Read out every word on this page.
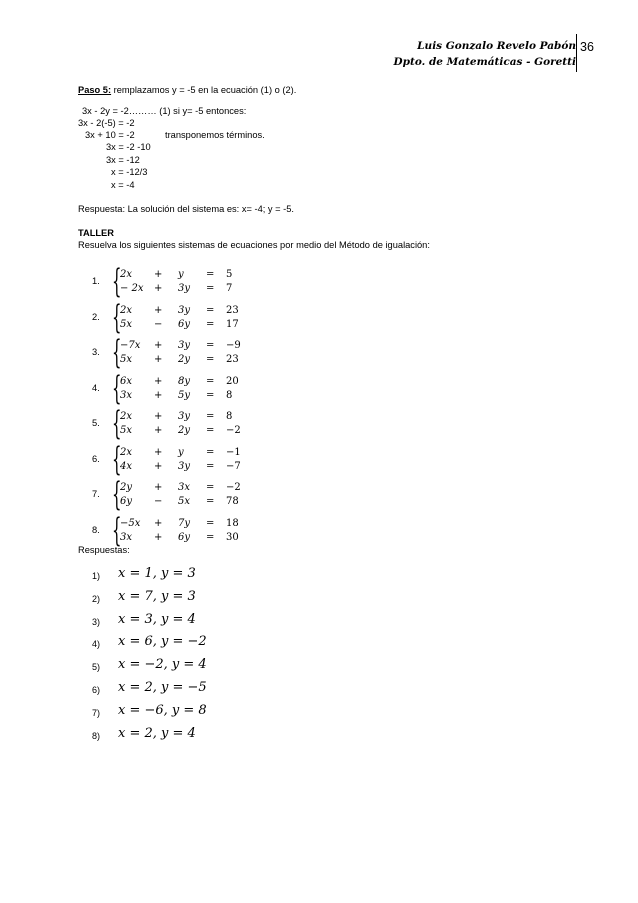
Luis Gonzalo Revelo Pabón
Dpto. de Matemáticas - Goretti
36
Paso 5: remplazamos y = -5 en la ecuación (1) o (2).
3x - 2y = -2……… (1) si y= -5 entonces:
3x - 2(-5) = -2
3x + 10 = -2	transponemos términos.
3x = -2 -10
3x = -12
x = -12/3
x = -4
Respuesta: La solución del sistema es: x= -4; y = -5.
TALLER
Resuelva los siguientes sistemas de ecuaciones por medio del Método de igualación:
1. {
2x + y = 5
− 2x + 3y = 7
2. {
2x + 3y = 23
5x − 6y = 17
3. {
−7x + 3y = −9
5x + 2y = 23
4. {
6x + 8y = 20
3x + 5y = 8
5. {
2x + 3y = 8
5x + 2y = −2
6. {
2x + y = −1
4x + 3y = −7
7. {
2y + 3x = −2
6y − 5x = 78
8. {
−5x + 7y = 18
3x + 6y = 30
Respuestas:
1) x = 1, y = 3
2) x = 7, y = 3
3) x = 3, y = 4
4) x = 6, y = −2
5) x = −2, y = 4
6) x = 2, y = −5
7) x = −6, y = 8
8) x = 2, y = 4
